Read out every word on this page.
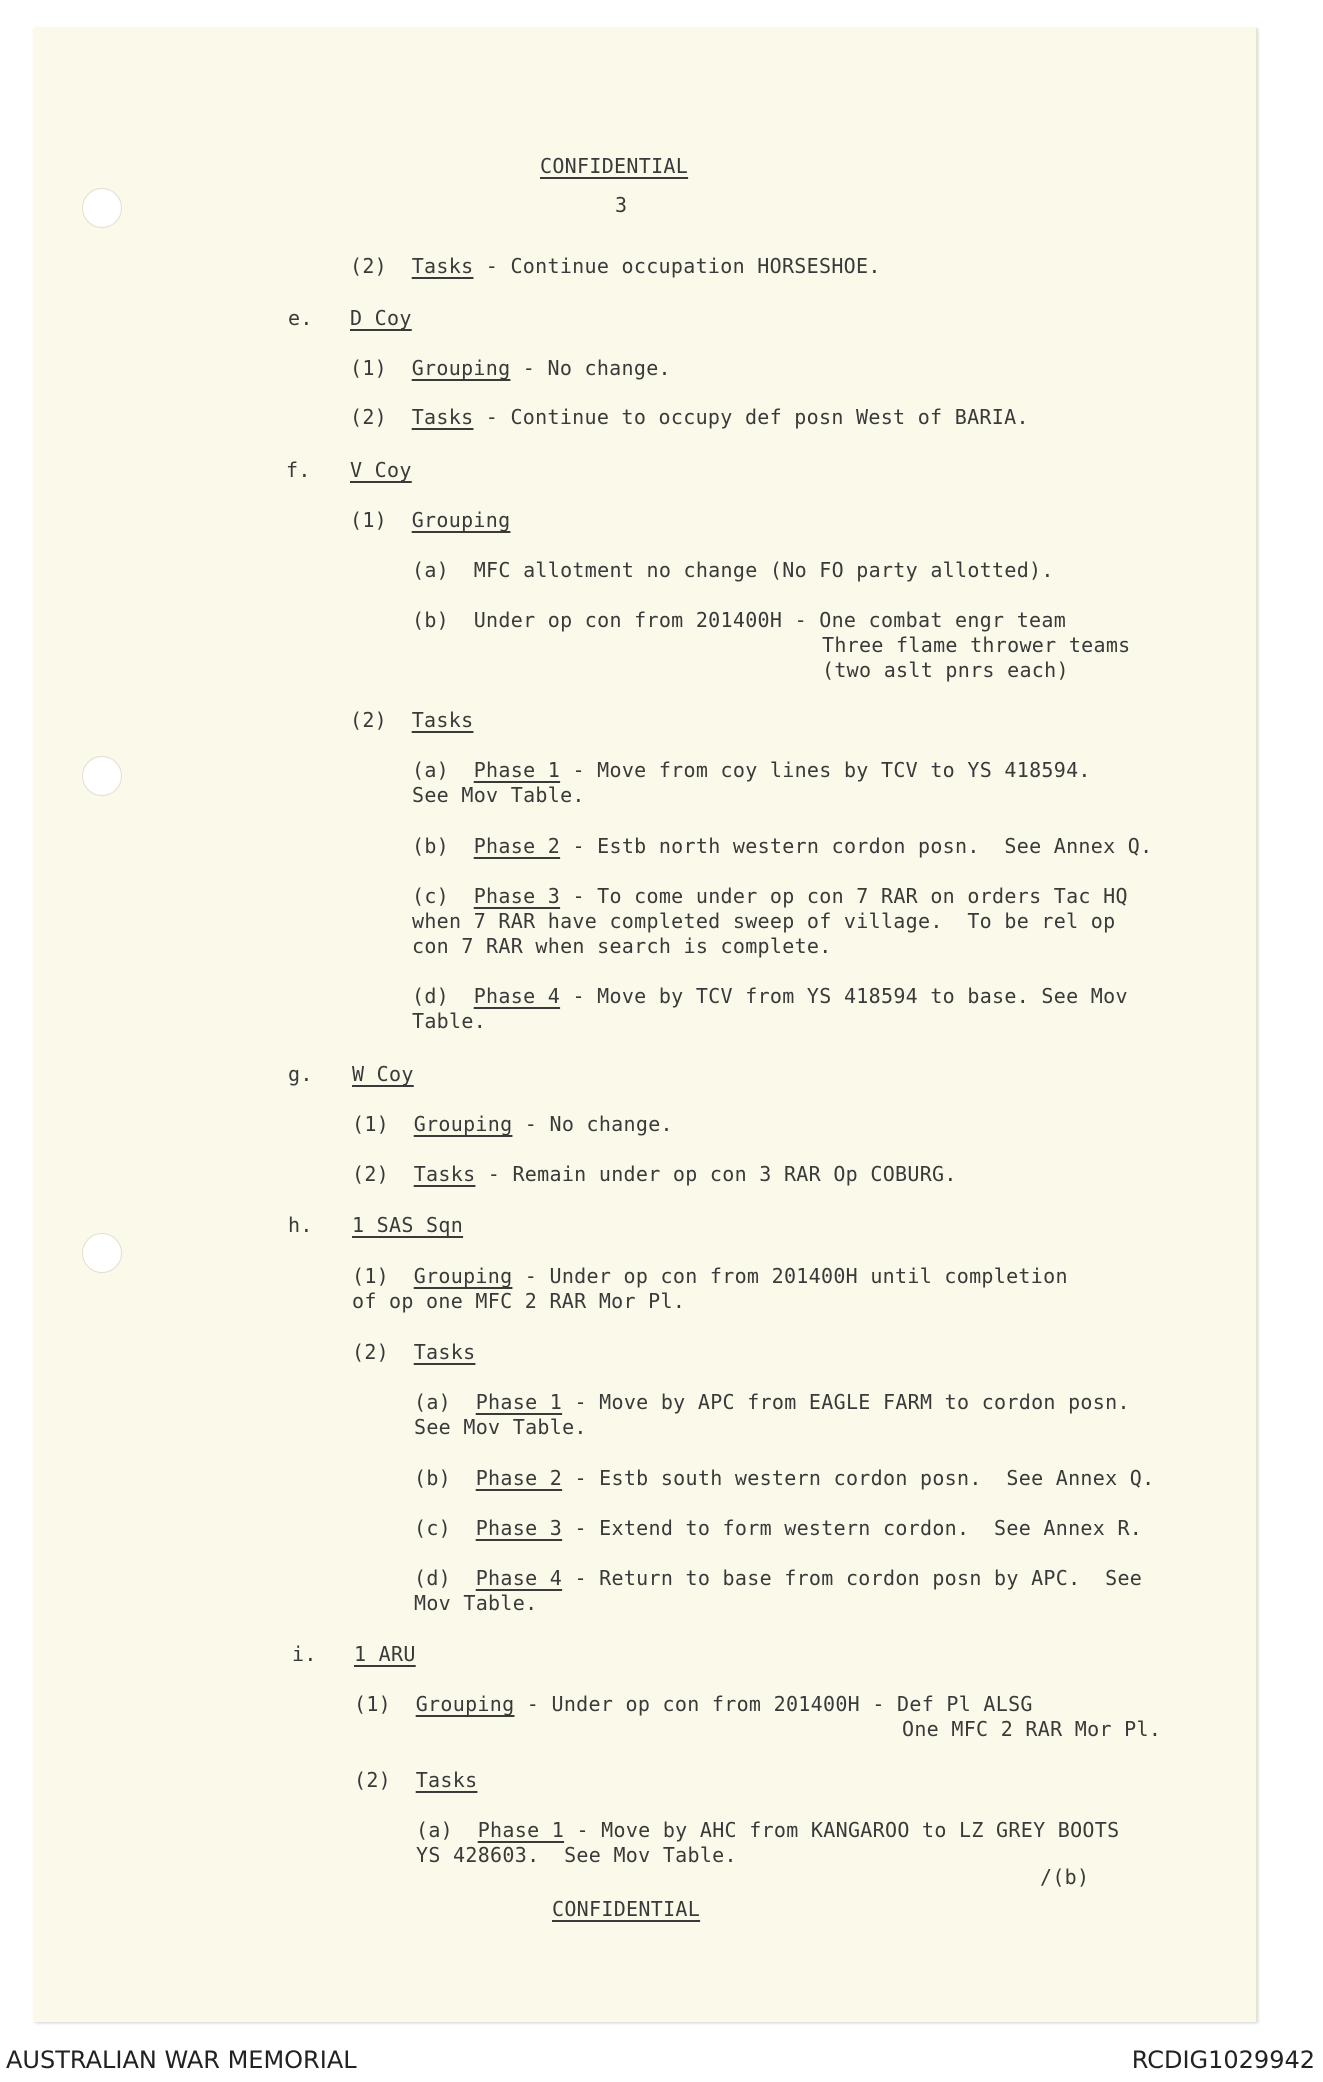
CONFIDENTIAL
3
(2) Tasks - Continue occupation HORSESHOE.
e. D Coy
(1) Grouping - No change.
(2) Tasks - Continue to occupy def posn West of BARIA.
f. V Coy
(1) Grouping
(a)  MFC allotment no change (No FO party allotted).
(b)  Under op con from 201400H - One combat engr team
Three flame thrower teams
(two aslt pnrs each)
(2) Tasks
(a) Phase 1 - Move from coy lines by TCV to YS 418594.
See Mov Table.
(b) Phase 2 - Estb north western cordon posn.  See Annex Q.
(c) Phase 3 - To come under op con 7 RAR on orders Tac HQ
when 7 RAR have completed sweep of village.  To be rel op
con 7 RAR when search is complete.
(d) Phase 4 - Move by TCV from YS 418594 to base. See Mov
Table.
g. W Coy
(1) Grouping - No change.
(2) Tasks - Remain under op con 3 RAR Op COBURG.
h. 1 SAS Sqn
(1) Grouping - Under op con from 201400H until completion
of op one MFC 2 RAR Mor Pl.
(2) Tasks
(a) Phase 1 - Move by APC from EAGLE FARM to cordon posn.
See Mov Table.
(b) Phase 2 - Estb south western cordon posn.  See Annex Q.
(c) Phase 3 - Extend to form western cordon.  See Annex R.
(d) Phase 4 - Return to base from cordon posn by APC.  See
Mov Table.
i. 1 ARU
(1) Grouping - Under op con from 201400H - Def Pl ALSG
One MFC 2 RAR Mor Pl.
(2) Tasks
(a) Phase 1 - Move by AHC from KANGAROO to LZ GREY BOOTS
YS 428603.  See Mov Table.
/(b)
CONFIDENTIAL
AUSTRALIAN WAR MEMORIAL	RCDIG1029942
